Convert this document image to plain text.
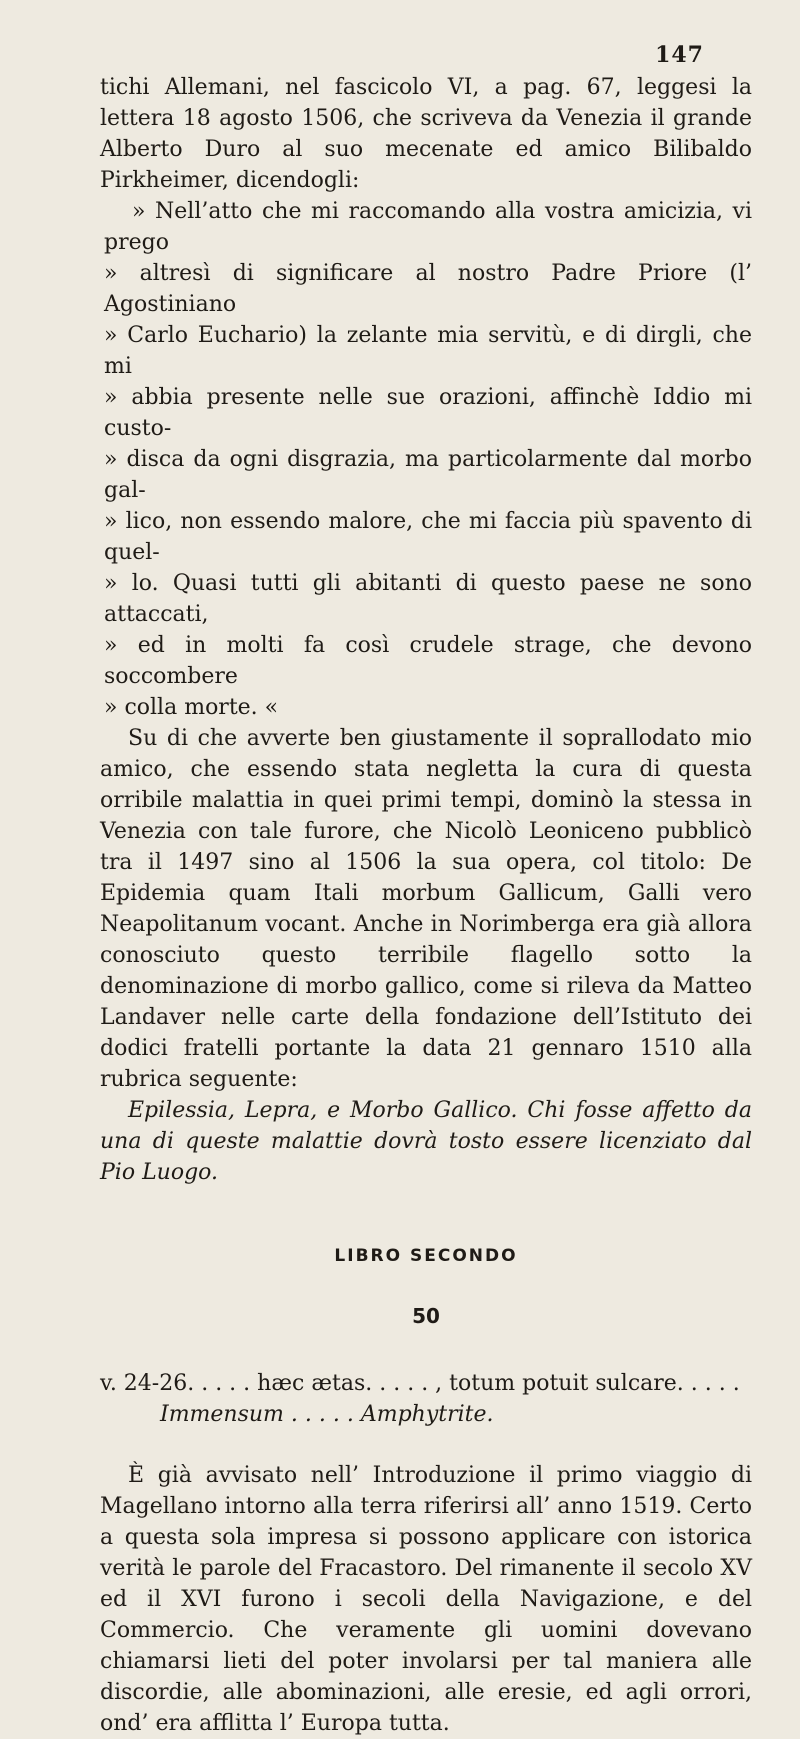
147

tichi Allemani, nel fascicolo VI, a pag. 67, leggesi la lettera 18 agosto 1506, che scriveva da Venezia il grande Alberto Duro al suo mecenate ed amico Bilibaldo Pirkheimer, dicendogli:

» Nell’atto che mi raccomando alla vostra amicizia, vi prego

» altresì di significare al nostro Padre Priore (l’ Agostiniano

» Carlo Euchario) la zelante mia servitù, e di dirgli, che mi

» abbia presente nelle sue orazioni, affinchè Iddio mi custo-

» disca da ogni disgrazia, ma particolarmente dal morbo gal-

» lico, non essendo malore, che mi faccia più spavento di quel-

» lo. Quasi tutti gli abitanti di questo paese ne sono attaccati,

» ed in molti fa così crudele strage, che devono soccombere

» colla morte. «

Su di che avverte ben giustamente il soprallodato mio amico, che essendo stata negletta la cura di questa orribile malattia in quei primi tempi, dominò la stessa in Venezia con tale furore, che Nicolò Leoniceno pubblicò tra il 1497 sino al 1506 la sua opera, col titolo: De Epidemia quam Itali morbum Gallicum, Galli vero Neapolitanum vocant. Anche in Norimberga era già allora conosciuto questo terribile flagello sotto la denominazione di morbo gallico, come si rileva da Matteo Landaver nelle carte della fondazione dell’Istituto dei dodici fratelli portante la data 21 gennaro 1510 alla rubrica seguente:

Epilessia, Lepra, e Morbo Gallico. Chi fosse affetto da una di queste malattie dovrà tosto essere licenziato dal Pio Luogo.

LIBRO SECONDO
50
v. 24-26. . . . . hæc ætas. . . . . , totum potuit sulcare. . . . .
Immensum . . . . . Amphytrite.

È già avvisato nell’ Introduzione il primo viaggio di Magellano intorno alla terra riferirsi all’ anno 1519. Certo a questa sola impresa si possono applicare con istorica verità le parole del Fracastoro. Del rimanente il secolo XV ed il XVI furono i secoli della Navigazione, e del Commercio. Che veramente gli uomini dovevano chiamarsi lieti del poter involarsi per tal maniera alle discordie, alle abominazioni, alle eresie, ed agli orrori, ond’ era afflitta l’ Europa tutta.
